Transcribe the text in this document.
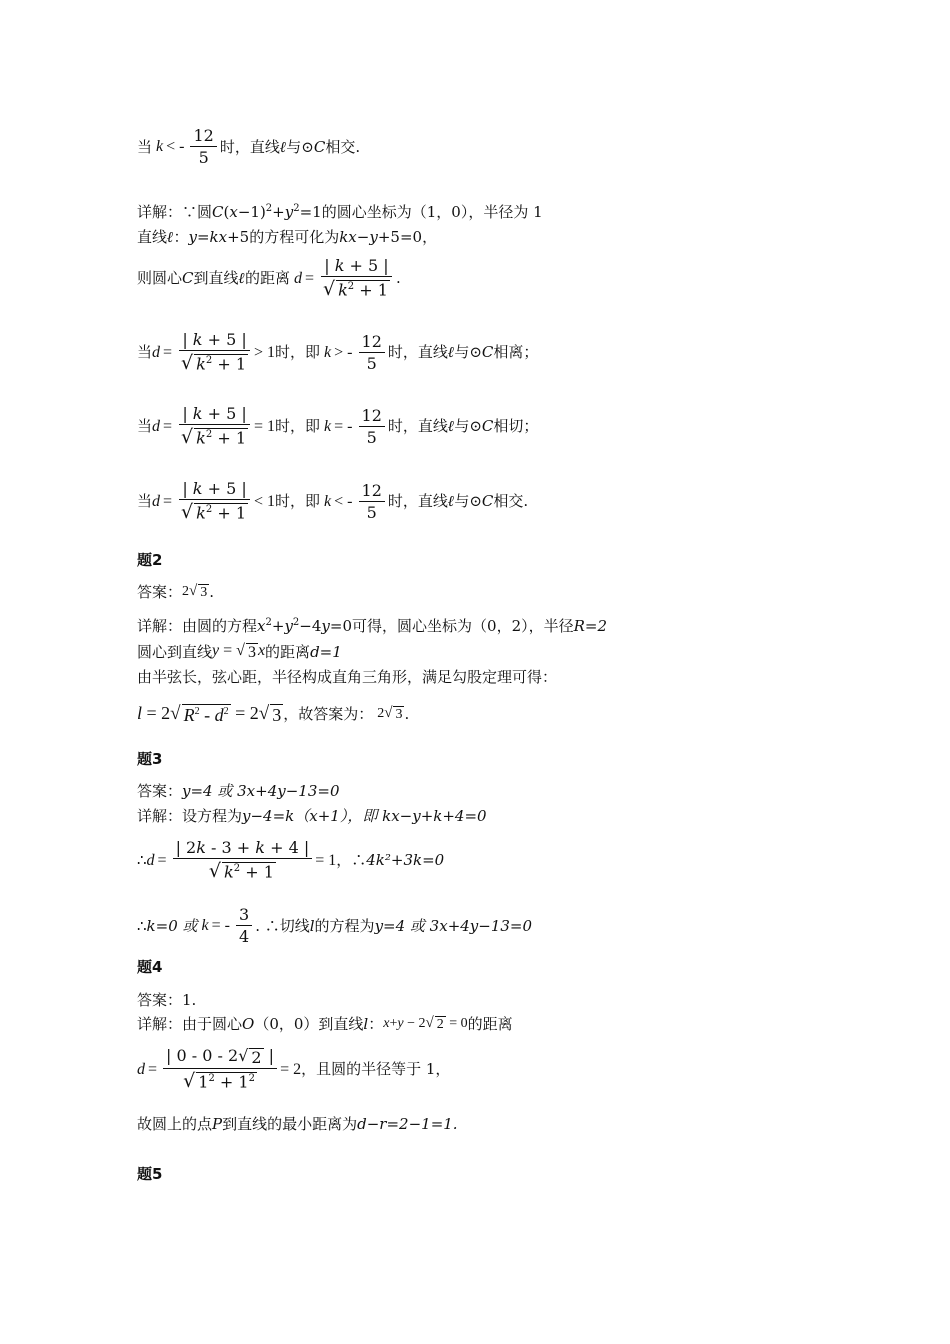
当 k < - $\frac{12}{5}$ 时，直线 ℓ 与⊙ C 相交.
详解：∵圆 C $(x-1)^2+y^2=1$ 的圆心坐标为（1，0），半径为 1
直线 ℓ ： y=kx+5 的方程可化为 kx−y+5=0 ，
则圆心 C 到直线 ℓ 的距离 $d = \frac{| k + 5 |}{√ k^2 + 1}$ .
当 $d = \frac{| k + 5 |}{√ k^2 + 1} > 1$ 时，即 k > - $\frac{12}{5}$ 时，直线 ℓ 与⊙ C 相离；
当 $d = \frac{| k + 5 |}{√ k^2 + 1} = 1$ 时，即 k = - $\frac{12}{5}$ 时，直线 ℓ 与⊙ C 相切；
当 $d = \frac{| k + 5 |}{√ k^2 + 1} < 1$ 时，即 k < - $\frac{12}{5}$ 时，直线 ℓ 与⊙ C 相交.
题2
答案： 2 √ 3 .
详解：由圆的方程 $x^2+y^2-4y=0$ 可得，圆心坐标为（0，2），半径 R=2
圆心到直线 y = √ 3 x 的距离 d=1
由半弦长，弦心距，半径构成直角三角形，满足勾股定理可得：
l = 2 √ $R^2 - d^2 = 2$ √ 3 ，故答案为： 2 √ 3 .
题3
答案： y=4 或 3x+4y−13=0
详解：设方程为 y−4=k（x+1），即 kx−y+k+4=0
∴ $d = \frac{| 2k - 3 + k + 4 |}{√ k^2 + 1} = 1$ ，∴ 4k²+3k=0
∴ k=0 或 k = - $\frac{3}{4}$ . ∴切线 l 的方程为 y=4 或 3x+4y−13=0
题4
答案：1.
详解：由于圆心 O （0，0）到直线 l ： x+y − 2 √ 2 = 0 的距离
$d = \frac{| 0 - 0 - 2 √ 2 |}{√ 1^2 + 1^2} = 2$ ，且圆的半径等于 1，
故圆上的点 P 到直线的最小距离为 d−r=2−1=1.
题5
